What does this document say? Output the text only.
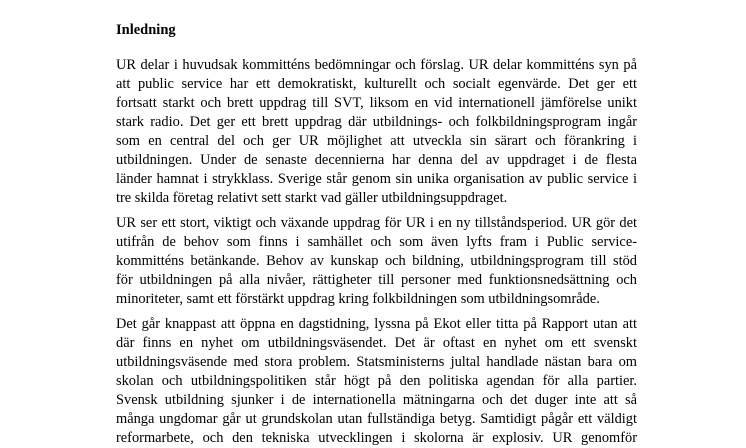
Inledning
UR delar i huvudsak kommitténs bedömningar och förslag. UR delar kommitténs syn på
att public service har ett demokratiskt, kulturellt och socialt egenvärde. Det ger ett
fortsatt starkt och brett uppdrag till SVT, liksom en vid internationell jämförelse unikt
stark radio. Det ger ett brett uppdrag där utbildnings- och folkbildningsprogram ingår
som en central del och ger UR möjlighet att utveckla sin särart och förankring i
utbildningen. Under de senaste decennierna har denna del av uppdraget i de flesta
länder hamnat i strykklass. Sverige står genom sin unika organisation av public service i
tre skilda företag relativt sett starkt vad gäller utbildningsuppdraget.
UR ser ett stort, viktigt och växande uppdrag för UR i en ny tillståndsperiod. UR gör det
utifrån de behov som finns i samhället och som även lyfts fram i Public service-
kommitténs betänkande. Behov av kunskap och bildning, utbildningsprogram till stöd
för utbildningen på alla nivåer, rättigheter till personer med funktionsnedsättning och
minoriteter, samt ett förstärkt uppdrag kring folkbildningen som utbildningsområde.
Det går knappast att öppna en dagstidning, lyssna på Ekot eller titta på Rapport utan att
där finns en nyhet om utbildningsväsendet. Det är oftast en nyhet om ett svenskt
utbildningsväsende med stora problem. Statsministerns jultal handlade nästan bara om
skolan och utbildningspolitiken står högt på den politiska agendan för alla partier.
Svensk utbildning sjunker i de internationella mätningarna och det duger inte att så
många ungdomar går ut grundskolan utan fullständiga betyg. Samtidigt pågår ett väldigt
reformarbete, och den tekniska utvecklingen i skolorna är explosiv. UR genomför
